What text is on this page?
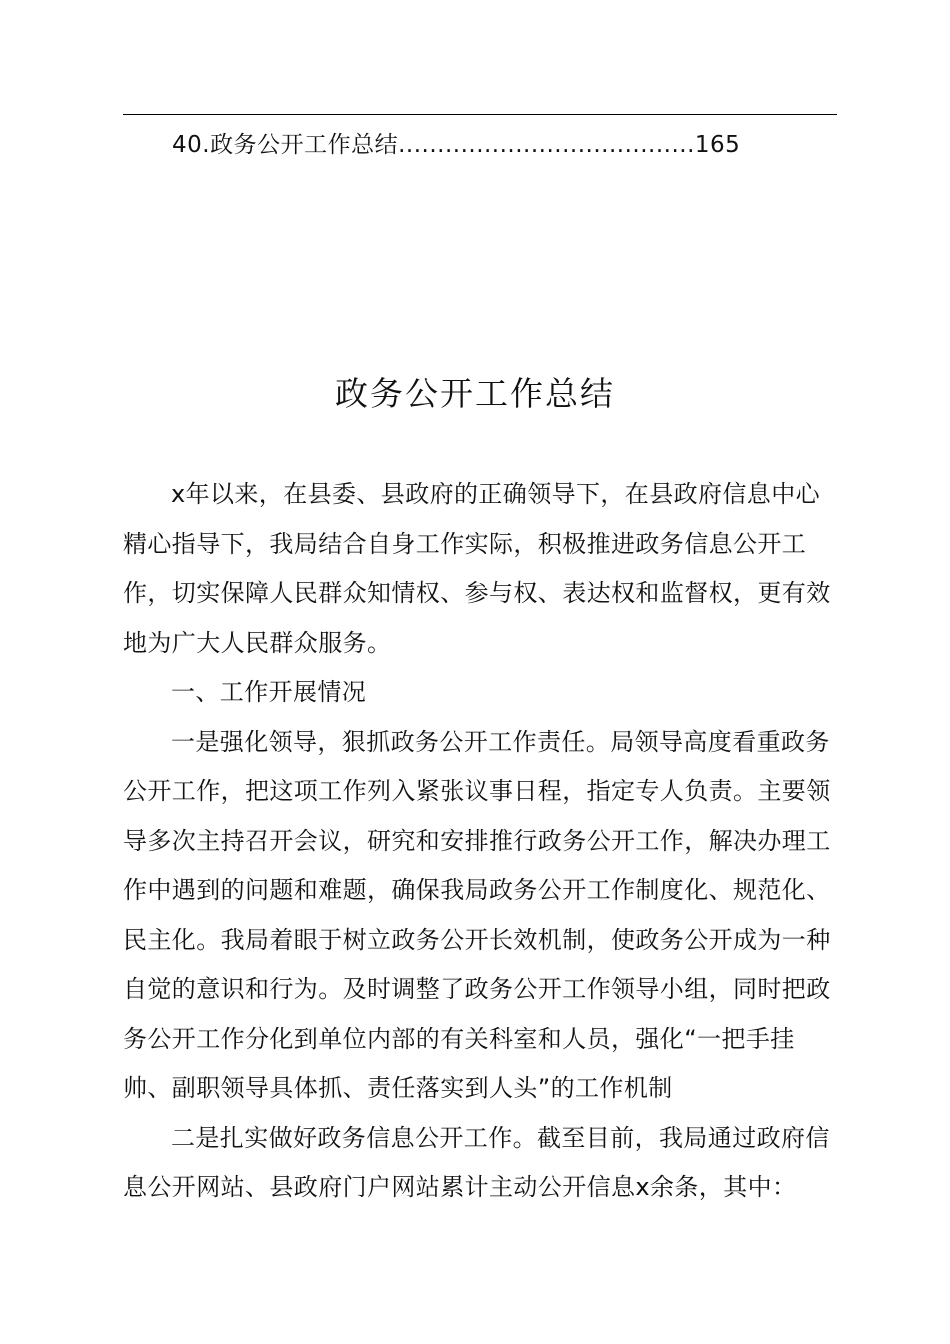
40.政务公开工作总结......................................165
政务公开工作总结

x年以来，在县委、县政府的正确领导下，在县政府信息中心精心指导下，我局结合自身工作实际，积极推进政务信息公开工作，切实保障人民群众知情权、参与权、表达权和监督权，更有效地为广大人民群众服务。

一、工作开展情况

一是强化领导，狠抓政务公开工作责任。局领导高度看重政务公开工作，把这项工作列入紧张议事日程，指定专人负责。主要领导多次主持召开会议，研究和安排推行政务公开工作，解决办理工作中遇到的问题和难题，确保我局政务公开工作制度化、规范化、民主化。我局着眼于树立政务公开长效机制，使政务公开成为一种自觉的意识和行为。及时调整了政务公开工作领导小组，同时把政务公开工作分化到单位内部的有关科室和人员，强化“一把手挂帅、副职领导具体抓、责任落实到人头”的工作机制

二是扎实做好政务信息公开工作。截至目前，我局通过政府信息公开网站、县政府门户网站累计主动公开信息x余条，其中：
